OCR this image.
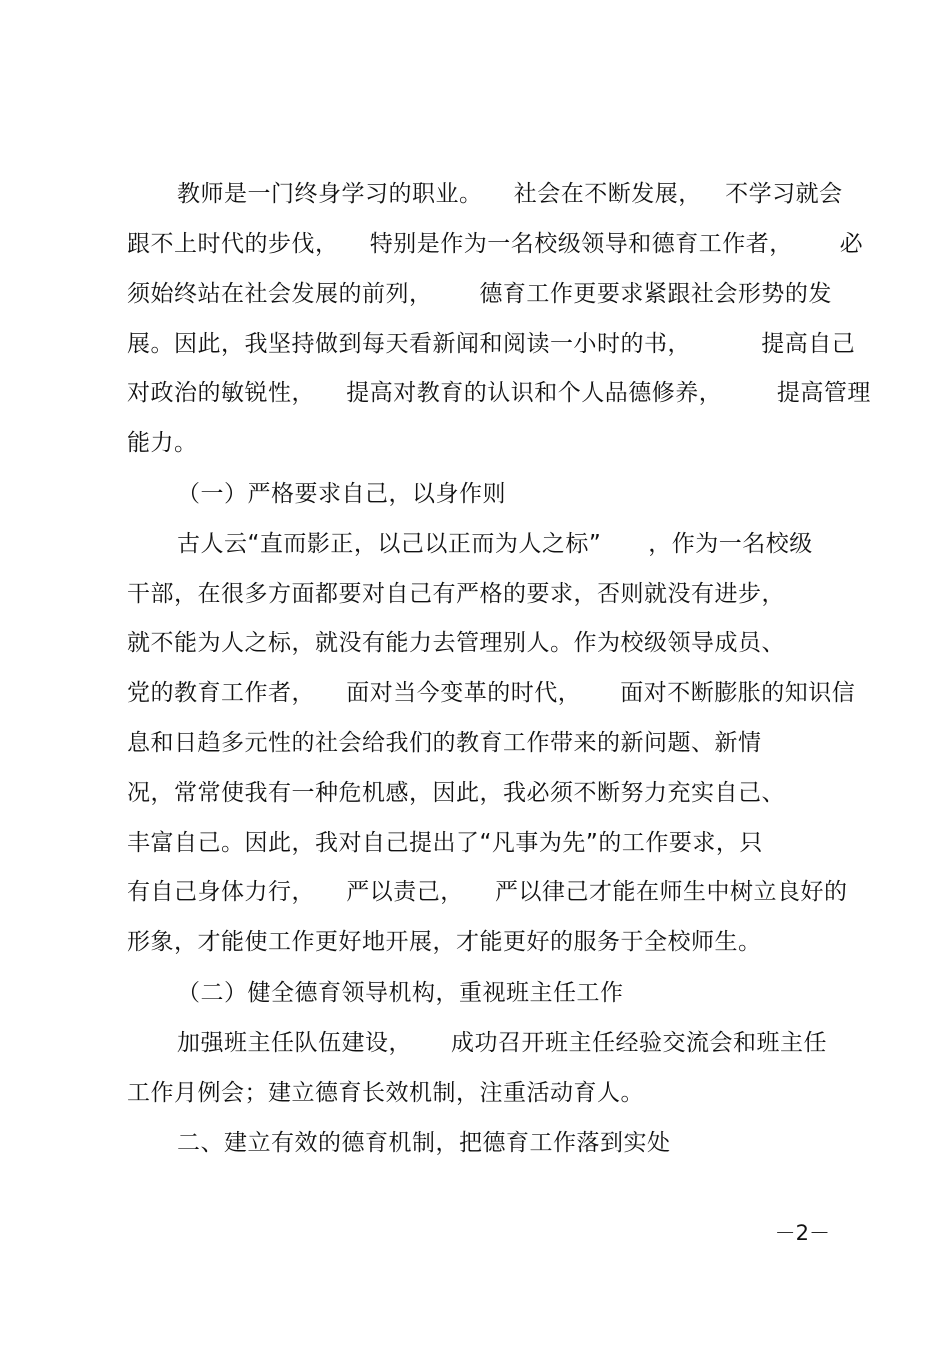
教师是一门终身学习的职业。    社会在不断发展，   不学习就会
跟不上时代的步伐，    特别是作为一名校级领导和德育工作者，      必
须始终站在社会发展的前列，      德育工作更要求紧跟社会形势的发
展。因此，我坚持做到每天看新闻和阅读一小时的书，         提高自己
对政治的敏锐性，    提高对教育的认识和个人品德修养，       提高管理
能力。
（一）严格要求自己，以身作则
古人云“直而影正，以己以正而为人之标”      ，作为一名校级
干部，在很多方面都要对自己有严格的要求，否则就没有进步，
就不能为人之标，就没有能力去管理别人。作为校级领导成员、
党的教育工作者，    面对当今变革的时代，     面对不断膨胀的知识信
息和日趋多元性的社会给我们的教育工作带来的新问题、新情
况，常常使我有一种危机感，因此，我必须不断努力充实自己、
丰富自己。因此，我对自己提出了“凡事为先”的工作要求，只
有自己身体力行，    严以责己，    严以律己才能在师生中树立良好的
形象，才能使工作更好地开展，才能更好的服务于全校师生。
（二）健全德育领导机构，重视班主任工作
加强班主任队伍建设，     成功召开班主任经验交流会和班主任
工作月例会；建立德育长效机制，注重活动育人。
二、建立有效的德育机制，把德育工作落到实处
－2－
